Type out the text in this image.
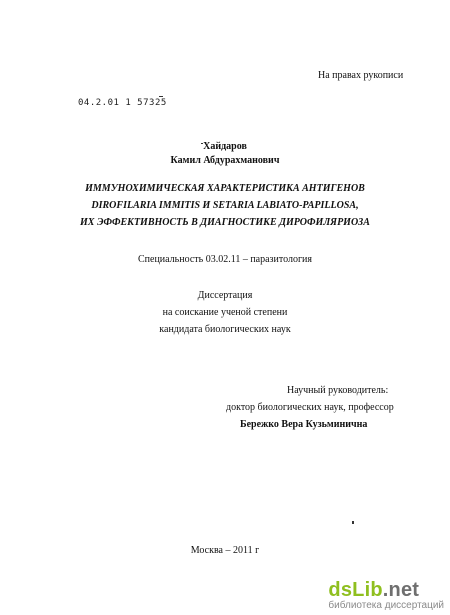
На правах рукописи
04.2.01 1 57325
Хайдаров
Камил Абдурахманович
ИММУНОХИМИЧЕСКАЯ ХАРАКТЕРИСТИКА АНТИГЕНОВ
DIROFILARIA IMMITIS И SETARIA LABIATO-PAPILLOSA,
ИХ ЭФФЕКТИВНОСТЬ В ДИАГНОСТИКЕ ДИРОФИЛЯРИОЗА
Специальность 03.02.11 – паразитология
Диссертация
на соискание ученой степени
кандидата биологических наук
Научный руководитель:
доктор биологических наук, профессор
Бережко Вера Кузьминична
Москва – 2011 г
dsLib.net
библиотека диссертаций
